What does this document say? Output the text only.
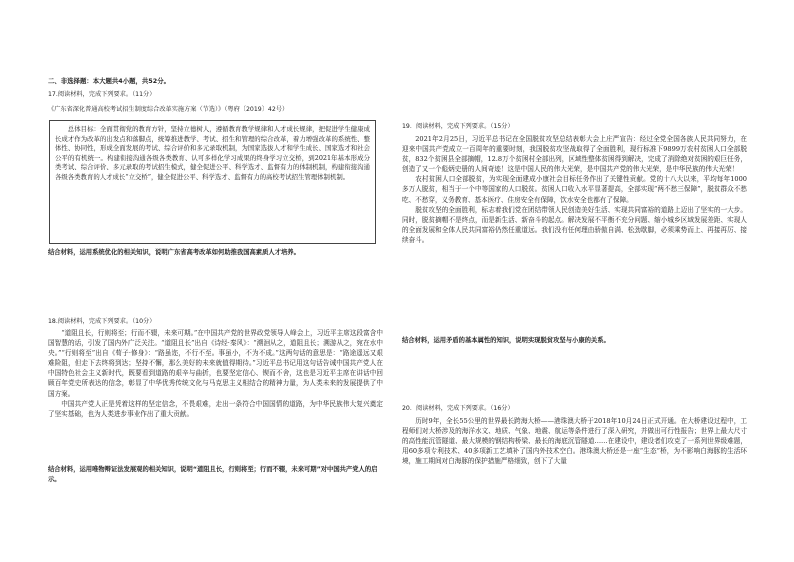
二、非选择题：本大题共4小题，共52分。
17.阅读材料，完成下列要求。（11分）
《广东省深化普通高校考试招生制度综合改革实施方案（节选）》（粤府〔2019〕42号）

总体目标：全面贯彻党的教育方针，坚持立德树人，遵循教育教学规律和人才成长规律，把促进学生健康成长成才作为改革的出发点和落脚点，统筹推进教学、考试、招生和管理的综合改革，着力增强改革的系统性、整体性、协同性，形成全面发展的考试、综合评价和多元录取机制，为国家选拔人才和学生成长、国家选才和社会公平的有机统一。构建衔接沟通各级各类教育、认可多样化学习成果的终身学习立交桥，到2021年基本形成分类考试、综合评价、多元录取的考试招生模式，健全促进公平、科学选才、监督有力的体制机制，构建衔接沟通各级各类教育的人才成长“立交桥”，健全促进公平、科学选才、监督有力的高校考试招生管理体制机制。

结合材料，运用系统优化的相关知识，说明广东省高考改革如何助推我国高素质人才培养。
18.阅读材料，完成下列要求。（10分）

“道阻且长，行则将至；行而不辍，未来可期。”在中国共产党的世界政党领导人峰会上，习近平主席这段富含中国智慧的话，引发了国内外广泛关注。“道阻且长”出自《诗经·秦风》：“溯洄从之，道阻且长；溯游从之，宛在水中央。”“行则将至”出自《荀子·修身》：“路虽迩，不行不至。事虽小，不为不成。”这两句话的意思是：“路途遥远又艰难险阻，但走下去终将到达；坚持不懈，那么美好的未来就值得期待。”习近平总书记用这句话告诫中国共产党人在中国特色社会主义新时代，既要看到道路的艰辛与曲折，也要坚定信心、锲而不舍，这也是习近平主席在讲话中回顾百年党史所表达的信念，彰显了中华优秀传统文化与马克思主义相结合的精神力量，为人类未来的发展提供了中国方案。

中国共产党人正是凭着这样的坚定信念，不畏艰难，走出一条符合中国国情的道路，为中华民族伟大复兴奠定了坚实基础，也为人类进步事业作出了重大贡献。

结合材料，运用唯物辩证法发展观的相关知识，说明“道阻且长，行则将至；行而不辍，未来可期”对中国共产党人的启示。
19．阅读材料，完成下列要求。（15分）

2021年2月25日，习近平总书记在全国脱贫攻坚总结表彰大会上庄严宣告：经过全党全国各族人民共同努力，在迎来中国共产党成立一百周年的重要时刻，我国脱贫攻坚战取得了全面胜利，现行标准下9899万农村贫困人口全部脱贫，832个贫困县全部摘帽，12.8万个贫困村全部出列，区域性整体贫困得到解决，完成了消除绝对贫困的艰巨任务，创造了又一个彪炳史册的人间奇迹！这是中国人民的伟大光荣，是中国共产党的伟大光荣，是中华民族的伟大光荣！

农村贫困人口全部脱贫，为实现全面建成小康社会目标任务作出了关键性贡献。党的十八大以来，平均每年1000多万人脱贫，相当于一个中等国家的人口脱贫。贫困人口收入水平显著提高，全部实现“两不愁三保障”，脱贫群众不愁吃、不愁穿，义务教育、基本医疗、住房安全有保障，饮水安全也都有了保障。

脱贫攻坚的全面胜利，标志着我们党在团结带领人民创造美好生活、实现共同富裕的道路上迈出了坚实的一大步。同时，脱贫摘帽不是终点，而是新生活、新奋斗的起点。解决发展不平衡不充分问题、缩小城乡区域发展差距、实现人的全面发展和全体人民共同富裕仍然任重道远。我们没有任何理由骄傲自满、松劲歇脚，必须乘势而上、再接再厉、接续奋斗。

结合材料，运用矛盾的基本属性的知识，说明实现脱贫攻坚与小康的关系。
20．阅读材料，完成下列要求。（16分）

历时9年，全长55公里的世界最长跨海大桥——港珠澳大桥于2018年10月24日正式开通。在大桥建设过程中，工程师们对大桥涉及的海洋水文、地质、气象、地震、航运等条件进行了深入研究，并做出可行性报告；世界上最大尺寸的高性能沉管隧道、最大规模的钢结构桥梁、最长的海底沉管隧道……在建设中，建设者们攻克了一系列世界级难题，用60多项专利技术、40多项新工艺填补了国内外技术空白。港珠澳大桥还是一座“生态”桥，为不影响白海豚的生活环境，施工期间对白海豚的保护措施严格细致，创下了大量
